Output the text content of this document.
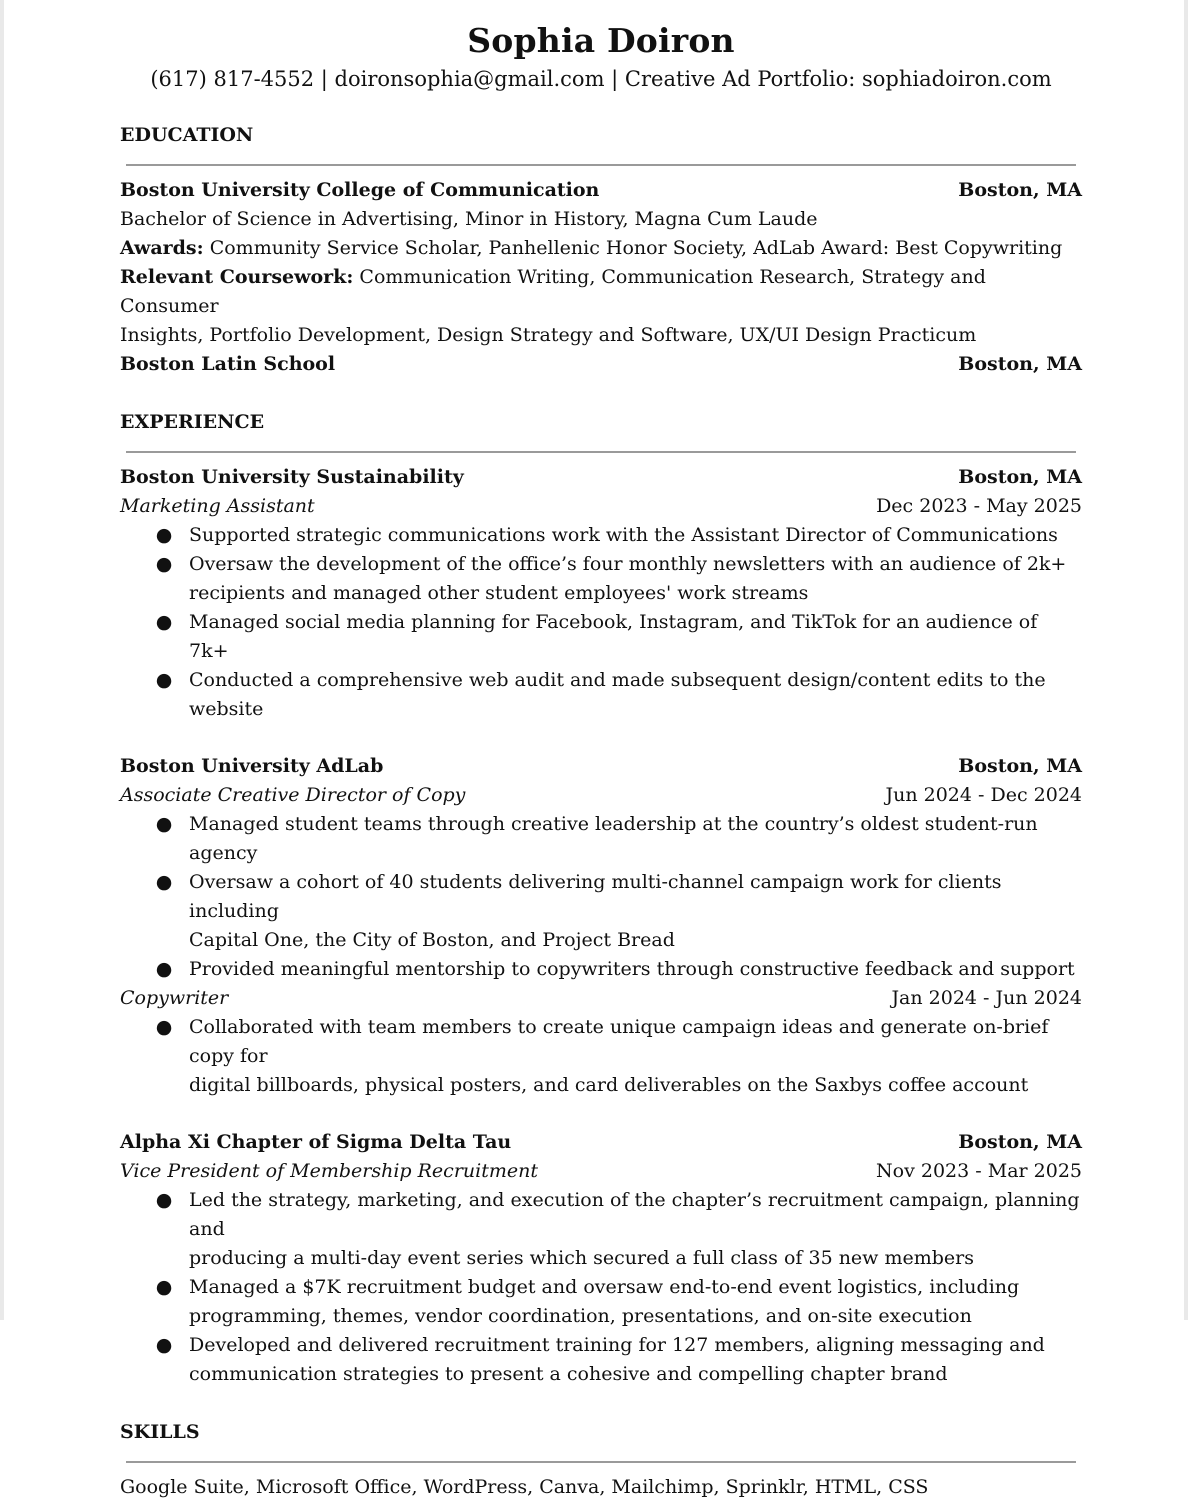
Sophia Doiron

(617) 817-4552 | doironsophia@gmail.com | Creative Ad Portfolio: sophiadoiron.com

EDUCATION

Boston University College of Communication	Boston, MA

Bachelor of Science in Advertising, Minor in History, Magna Cum Laude

Awards: Community Service Scholar, Panhellenic Honor Society, AdLab Award: Best Copywriting

Relevant Coursework: Communication Writing, Communication Research, Strategy and Consumer

Insights, Portfolio Development, Design Strategy and Software, UX/UI Design Practicum

Boston Latin School	Boston, MA

EXPERIENCE

Boston University Sustainability	Boston, MA
Marketing Assistant	Dec 2023 - May 2025
● Supported strategic communications work with the Assistant Director of Communications
● Oversaw the development of the office’s four monthly newsletters with an audience of 2k+
recipients and managed other student employees' work streams
● Managed social media planning for Facebook, Instagram, and TikTok for an audience of 7k+
● Conducted a comprehensive web audit and made subsequent design/content edits to the website
Boston University AdLab	Boston, MA
Associate Creative Director of Copy	Jun 2024 - Dec 2024
● Managed student teams through creative leadership at the country’s oldest student-run agency
● Oversaw a cohort of 40 students delivering multi-channel campaign work for clients including
Capital One, the City of Boston, and Project Bread
● Provided meaningful mentorship to copywriters through constructive feedback and support
Copywriter	Jan 2024 - Jun 2024
● Collaborated with team members to create unique campaign ideas and generate on-brief copy for
digital billboards, physical posters, and card deliverables on the Saxbys coffee account
Alpha Xi Chapter of Sigma Delta Tau	Boston, MA
Vice President of Membership Recruitment	Nov 2023 - Mar 2025
● Led the strategy, marketing, and execution of the chapter’s recruitment campaign, planning and
producing a multi-day event series which secured a full class of 35 new members
● Managed a $7K recruitment budget and oversaw end-to-end event logistics, including
programming, themes, vendor coordination, presentations, and on-site execution
● Developed and delivered recruitment training for 127 members, aligning messaging and
communication strategies to present a cohesive and compelling chapter brand

SKILLS

Google Suite, Microsoft Office, WordPress, Canva, Mailchimp, Sprinklr, HTML, CSS
